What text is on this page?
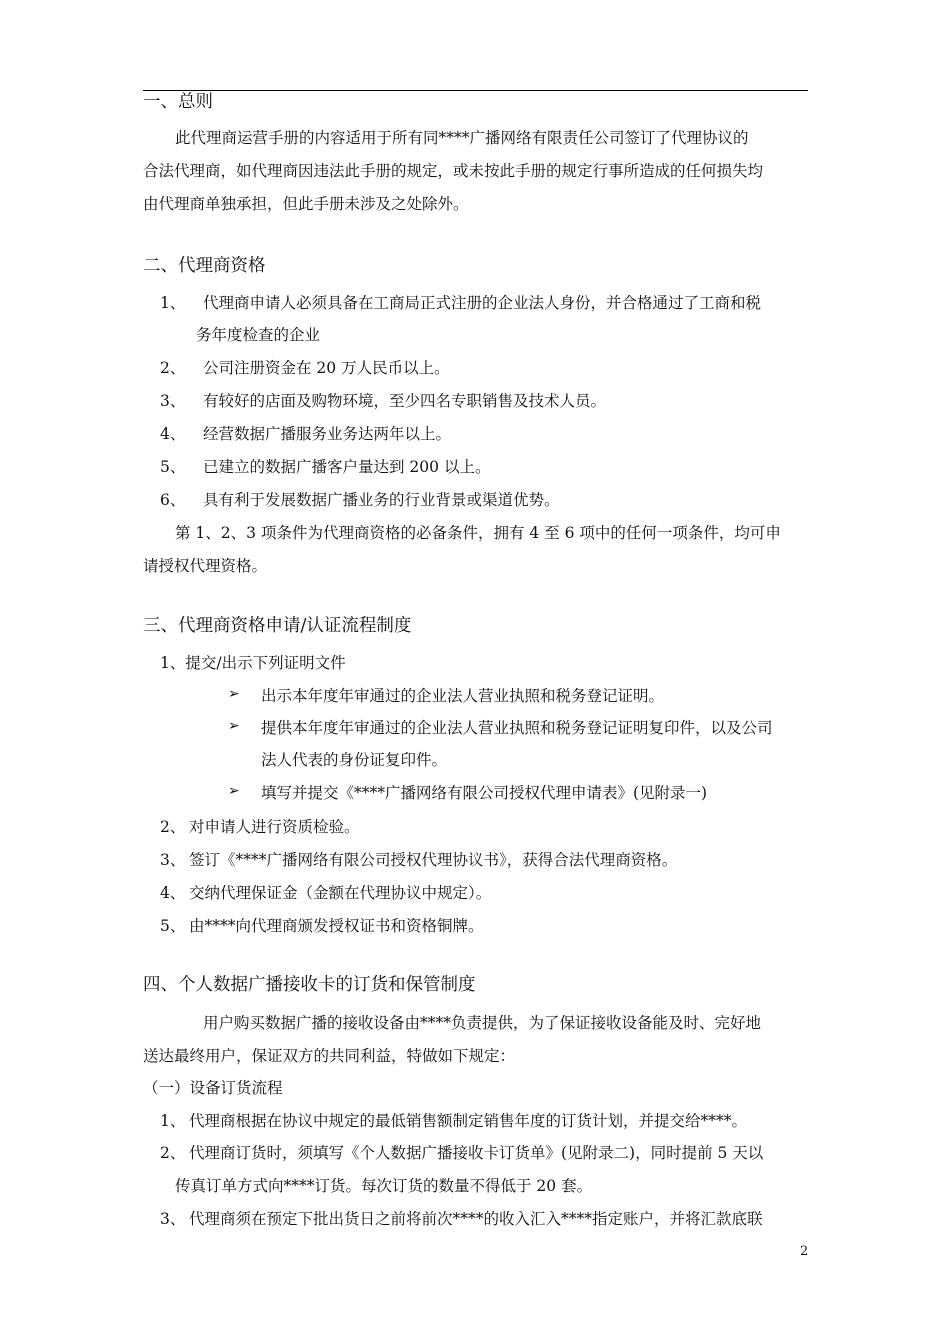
一、总则
此代理商运营手册的内容适用于所有同****广播网络有限责任公司签订了代理协议的
合法代理商，如代理商因违法此手册的规定，或未按此手册的规定行事所造成的任何损失均
由代理商单独承担，但此手册未涉及之处除外。
二、代理商资格
1、 代理商申请人必须具备在工商局正式注册的企业法人身份，并合格通过了工商和税
务年度检查的企业
2、 公司注册资金在 20 万人民币以上。
3、 有较好的店面及购物环境，至少四名专职销售及技术人员。
4、 经营数据广播服务业务达两年以上。
5、 已建立的数据广播客户量达到 200 以上。
6、 具有利于发展数据广播业务的行业背景或渠道优势。
第 1、2、3 项条件为代理商资格的必备条件，拥有 4 至 6 项中的任何一项条件，均可申
请授权代理资格。
三、代理商资格申请/认证流程制度
1、提交/出示下列证明文件
➢ 出示本年度年审通过的企业法人营业执照和税务登记证明。
➢ 提供本年度年审通过的企业法人营业执照和税务登记证明复印件，以及公司
法人代表的身份证复印件。
➢ 填写并提交《****广播网络有限公司授权代理申请表》(见附录一)
2、 对申请人进行资质检验。
3、 签订《****广播网络有限公司授权代理协议书》，获得合法代理商资格。
4、 交纳代理保证金（金额在代理协议中规定）。
5、 由****向代理商颁发授权证书和资格铜牌。
四、个人数据广播接收卡的订货和保管制度
用户购买数据广播的接收设备由****负责提供，为了保证接收设备能及时、完好地
送达最终用户，保证双方的共同利益，特做如下规定：
（一）设备订货流程
1、 代理商根据在协议中规定的最低销售额制定销售年度的订货计划，并提交给****。
2、 代理商订货时，须填写《个人数据广播接收卡订货单》(见附录二)，同时提前 5 天以
传真订单方式向****订货。每次订货的数量不得低于 20 套。
3、 代理商须在预定下批出货日之前将前次****的收入汇入****指定账户，并将汇款底联
2
